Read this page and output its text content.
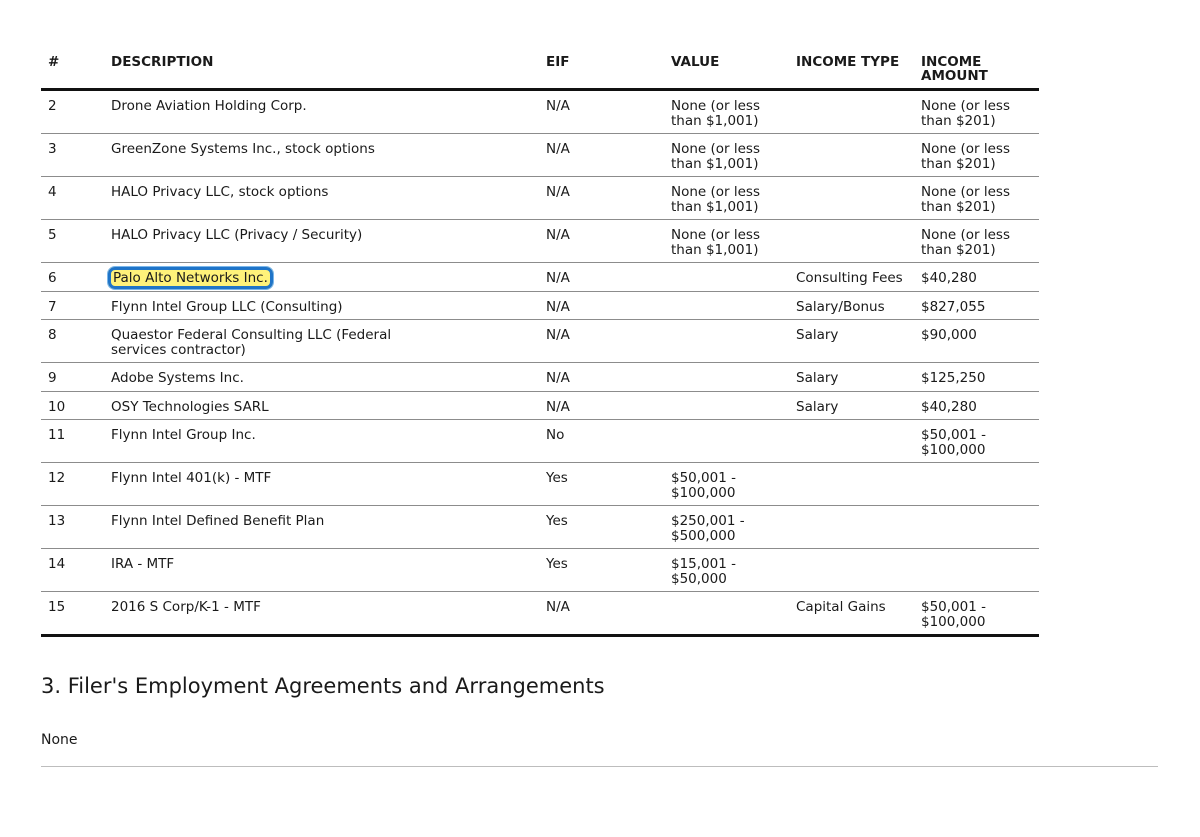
#	DESCRIPTION	EIF	VALUE	INCOME TYPE	INCOME AMOUNT

2	Drone Aviation Holding Corp.	N/A	None (or less than $1,001)		None (or less than $201)

3	GreenZone Systems Inc., stock options	N/A	None (or less than $1,001)		None (or less than $201)

4	HALO Privacy LLC, stock options	N/A	None (or less than $1,001)		None (or less than $201)

5	HALO Privacy LLC (Privacy / Security)	N/A	None (or less than $1,001)		None (or less than $201)

6	Palo Alto Networks Inc.	N/A		Consulting Fees	$40,280

7	Flynn Intel Group LLC (Consulting)	N/A		Salary/Bonus	$827,055

8	Quaestor Federal Consulting LLC (Federal services contractor)	N/A		Salary	$90,000

9	Adobe Systems Inc.	N/A		Salary	$125,250

10	OSY Technologies SARL	N/A		Salary	$40,280

11	Flynn Intel Group Inc.	No			$50,001 - $100,000

12	Flynn Intel 401(k) - MTF	Yes	$50,001 - $100,000		

13	Flynn Intel Defined Benefit Plan	Yes	$250,001 - $500,000		

14	IRA - MTF	Yes	$15,001 - $50,000		

15	2016 S Corp/K-1 - MTF	N/A		Capital Gains	$50,001 - $100,000
3. Filer's Employment Agreements and Arrangements

None
